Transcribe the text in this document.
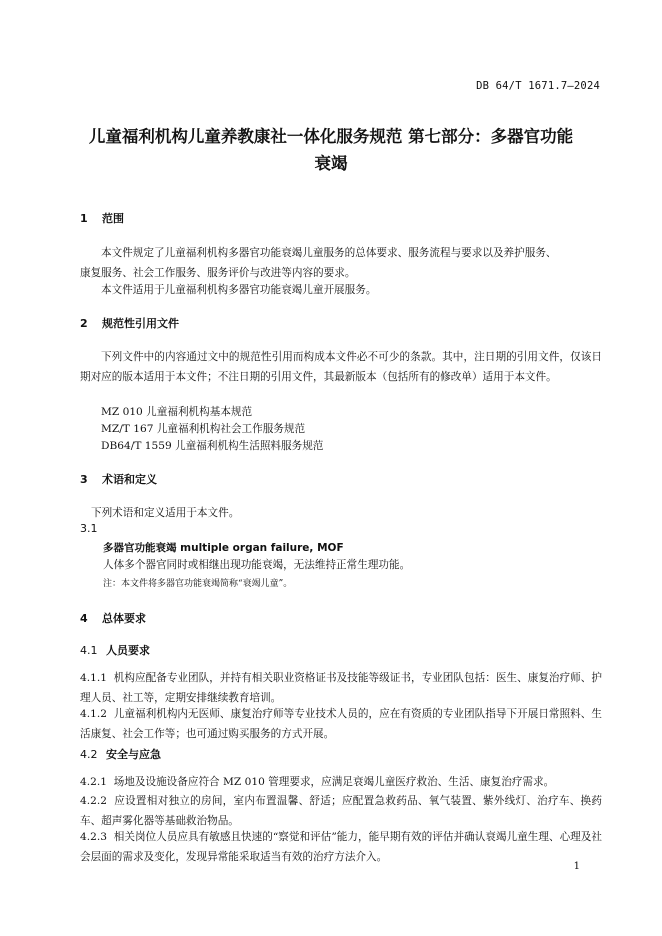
DB 64/T 1671.7—2024
儿童福利机构儿童养教康社一体化服务规范 第七部分：多器官功能
衰竭
1 范围
本文件规定了儿童福利机构多器官功能衰竭儿童服务的总体要求、服务流程与要求以及养护服务、
康复服务、社会工作服务、服务评价与改进等内容的要求。
本文件适用于儿童福利机构多器官功能衰竭儿童开展服务。
2 规范性引用文件
下列文件中的内容通过文中的规范性引用而构成本文件必不可少的条款。其中，注日期的引用文件，仅该日期对应的版本适用于本文件；不注日期的引用文件，其最新版本（包括所有的修改单）适用于本文件。
MZ 010 儿童福利机构基本规范
MZ/T 167 儿童福利机构社会工作服务规范
DB64/T 1559 儿童福利机构生活照料服务规范
3 术语和定义
下列术语和定义适用于本文件。
3.1
多器官功能衰竭 multiple organ failure, MOF
人体多个器官同时或相继出现功能衰竭，无法维持正常生理功能。
注：本文件将多器官功能衰竭简称“衰竭儿童”。
4 总体要求
4.1 人员要求
4.1.1 机构应配备专业团队，并持有相关职业资格证书及技能等级证书，专业团队包括：医生、康复治疗师、护理人员、社工等，定期安排继续教育培训。
4.1.2 儿童福利机构内无医师、康复治疗师等专业技术人员的，应在有资质的专业团队指导下开展日常照料、生活康复、社会工作等；也可通过购买服务的方式开展。
4.2 安全与应急
4.2.1 场地及设施设备应符合 MZ 010 管理要求，应满足衰竭儿童医疗救治、生活、康复治疗需求。
4.2.2 应设置相对独立的房间，室内布置温馨、舒适；应配置急救药品、氧气装置、紫外线灯、治疗车、换药车、超声雾化器等基础救治物品。
4.2.3 相关岗位人员应具有敏感且快速的“察觉和评估”能力，能早期有效的评估并确认衰竭儿童生理、心理及社会层面的需求及变化，发现异常能采取适当有效的治疗方法介入。
1
